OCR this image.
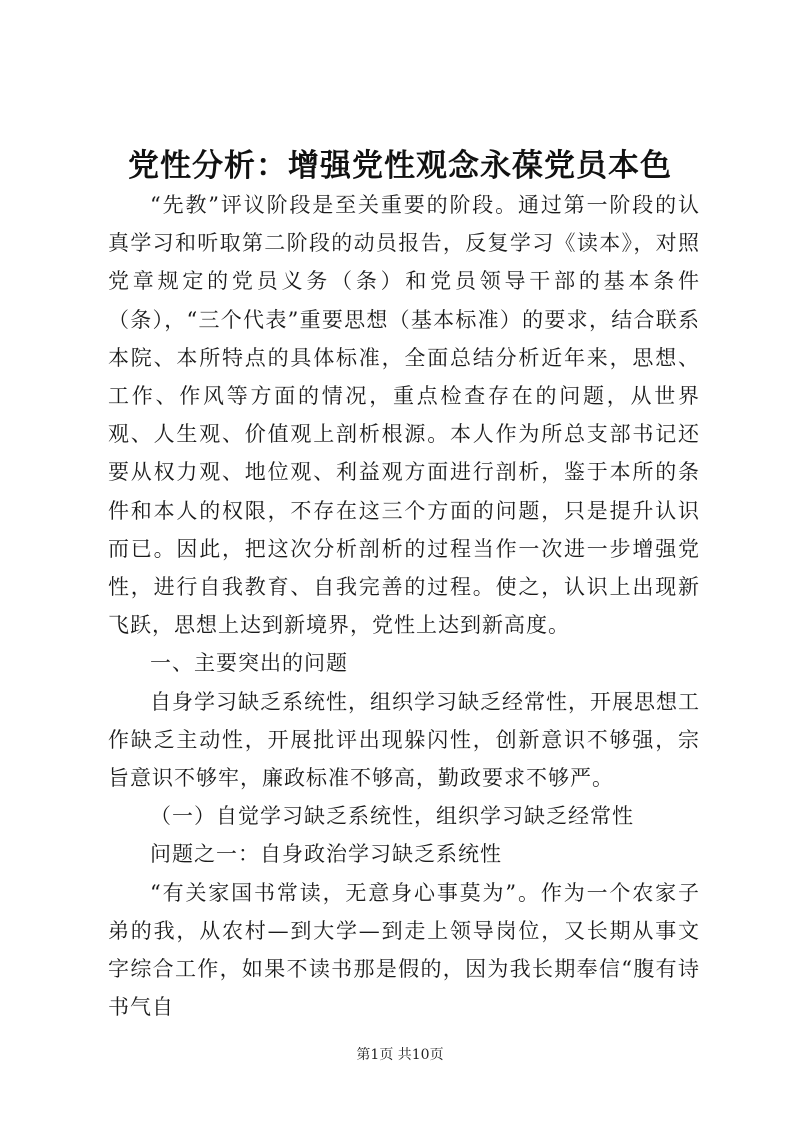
党性分析：增强党性观念永葆党员本色

“先教”评议阶段是至关重要的阶段。通过第一阶段的认真学习和听取第二阶段的动员报告，反复学习《读本》，对照党章规定的党员义务（条）和党员领导干部的基本条件（条），“三个代表”重要思想（基本标准）的要求，结合联系本院、本所特点的具体标准，全面总结分析近年来，思想、工作、作风等方面的情况，重点检查存在的问题，从世界观、人生观、价值观上剖析根源。本人作为所总支部书记还要从权力观、地位观、利益观方面进行剖析，鉴于本所的条件和本人的权限，不存在这三个方面的问题，只是提升认识而已。因此，把这次分析剖析的过程当作一次进一步增强党性，进行自我教育、自我完善的过程。使之，认识上出现新飞跃，思想上达到新境界，党性上达到新高度。

一、主要突出的问题

自身学习缺乏系统性，组织学习缺乏经常性，开展思想工作缺乏主动性，开展批评出现躲闪性，创新意识不够强，宗旨意识不够牢，廉政标准不够高，勤政要求不够严。

（一）自觉学习缺乏系统性，组织学习缺乏经常性

问题之一：自身政治学习缺乏系统性

“有关家国书常读，无意身心事莫为”。作为一个农家子弟的我，从农村—到大学—到走上领导岗位，又长期从事文字综合工作，如果不读书那是假的，因为我长期奉信“腹有诗书气自

第1页 共10页
